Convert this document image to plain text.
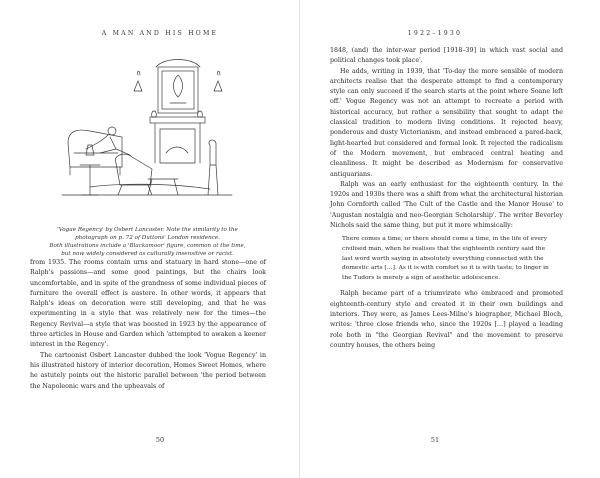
A MAN AND HIS HOME
'Vogue Regency' by Osbert Lancaster. Note the similarity to the
photograph on p. 72 of Duttons' London residence.
Both illustrations include a 'Blackamoor' figure, common at the time,
but now widely considered as culturally insensitive or racist.

from 1935. The rooms contain urns and statuary in hard stone—one of Ralph's passions—and some good paintings, but the chairs look uncomfortable, and in spite of the grandness of some individual pieces of furniture the overall effect is austere. In other words, it appears that Ralph's ideas on decoration were still developing, and that he was experimenting in a style that was relatively new for the times—the Regency Revival—a style that was boosted in 1923 by the appearance of three articles in House and Garden which 'attempted to awaken a keener interest in the Regency'.

The cartoonist Osbert Lancaster dubbed the look 'Vogue Regency' in his illustrated history of interior decoration, Homes Sweet Homes, where he astutely points out the historic parallel between 'the period between the Napoleonic wars and the upheavals of

50
1922–1930
51

1848, (and) the inter-war period [1918–39] in which vast social and political changes took place'.

He adds, writing in 1939, that 'To-day the more sensible of modern architects realise that the desperate attempt to find a contemporary style can only succeed if the search starts at the point where Soane left off.' Vogue Regency was not an attempt to recreate a period with historical accuracy, but rather a sensibility that sought to adapt the classical tradition to modern living conditions. It rejected heavy, ponderous and dusty Victorianism, and instead embraced a pared-back, light-hearted but considered and formal look. It rejected the radicalism of the Modern movement, but embraced central heating and cleanliness. It might be described as Modernism for conservative antiquarians.

Ralph was an early enthusiast for the eighteenth century. In the 1920s and 1930s there was a shift from what the architectural historian John Cornforth called 'The Cult of the Castle and the Manor House' to 'Augustan nostalgia and neo-Georgian Scholarship'. The writer Beverley Nichols said the same thing, but put it more whimsically:

There comes a time, or there should come a time, in the life of every civilised man, when he realises that the eighteenth century said the last word worth saying in absolutely everything connected with the domestic arts […]. As it is with comfort so it is with taste; to linger in the Tudors is merely a sign of aesthetic adolescence.

Ralph became part of a triumvirate who embraced and promoted eighteenth-century style and created it in their own buildings and interiors. They were, as James Lees-Milne's biographer, Michael Bloch, writes: 'three close friends who, since the 1920s […] played a leading role both in "the Georgian Revival" and the movement to preserve country houses, the others being
